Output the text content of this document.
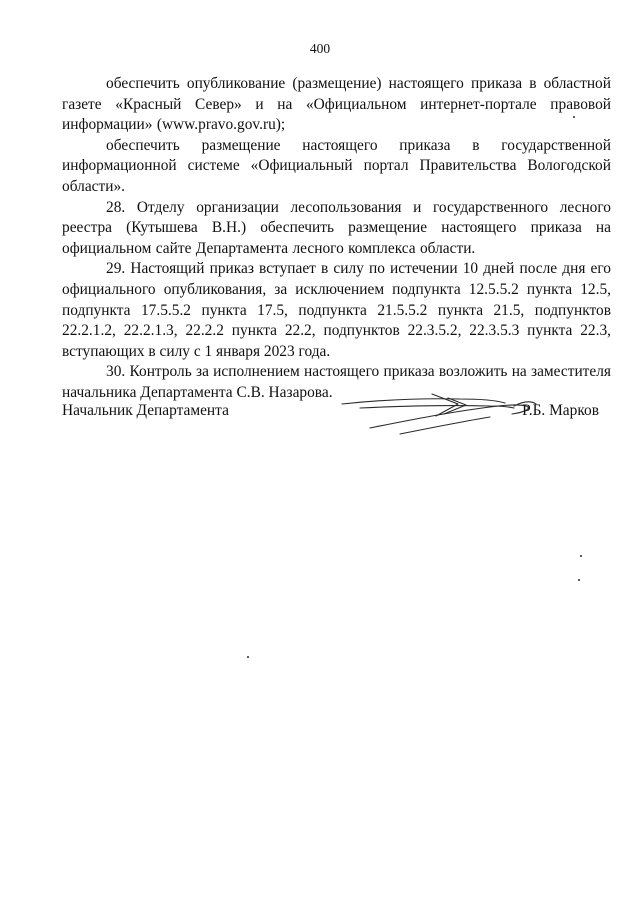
400

обеспечить опубликование (размещение) настоящего приказа в областной газете «Красный Север» и на «Официальном интернет-портале правовой информации» (www.pravo.gov.ru);

обеспечить размещение настоящего приказа в государственной информационной системе «Официальный портал Правительства Вологодской области».

28. Отделу организации лесопользования и государственного лесного реестра (Кутышева В.Н.) обеспечить размещение настоящего приказа на официальном сайте Департамента лесного комплекса области.

29. Настоящий приказ вступает в силу по истечении 10 дней после дня его официального опубликования, за исключением подпункта 12.5.5.2 пункта 12.5, подпункта 17.5.5.2 пункта 17.5, подпункта 21.5.5.2 пункта 21.5, подпунктов 22.2.1.2, 22.2.1.3, 22.2.2 пункта 22.2, подпунктов 22.3.5.2, 22.3.5.3 пункта 22.3, вступающих в силу с 1 января 2023 года.

30. Контроль за исполнением настоящего приказа возложить на заместителя начальника Департамента С.В. Назарова.

Начальник Департамента	Р.Б. Марков
